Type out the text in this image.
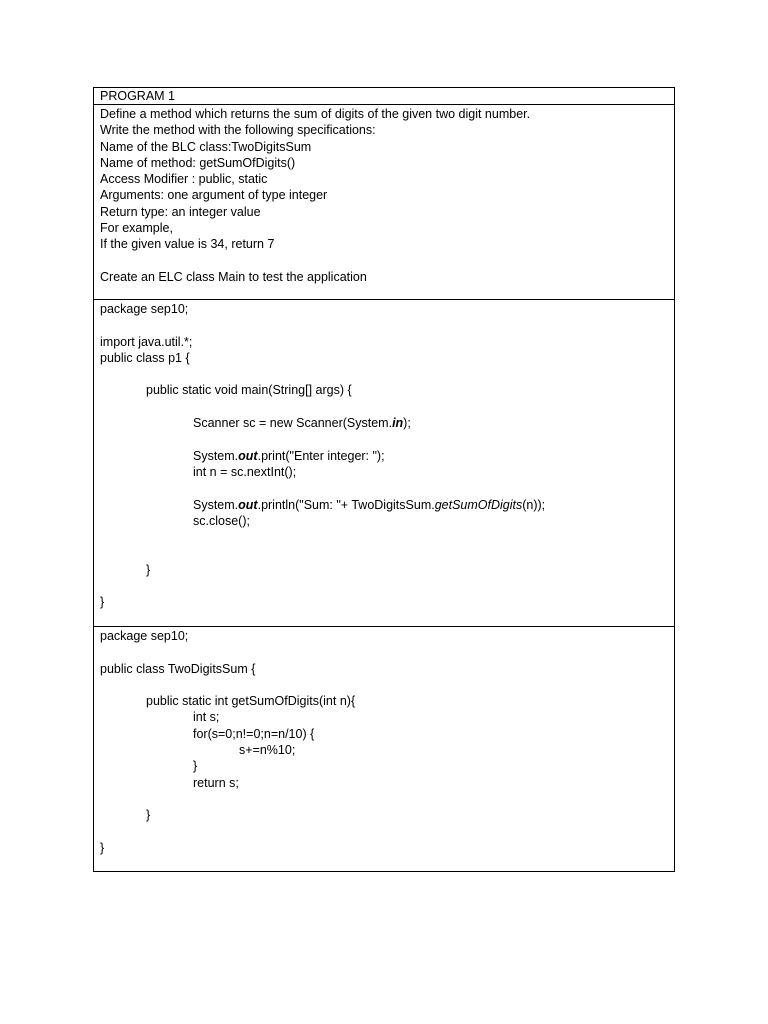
PROGRAM 1

Define a method which returns the sum of digits of the given two digit number.
Write the method with the following specifications:
Name of the BLC class:TwoDigitsSum
Name of method: getSumOfDigits()
Access Modifier : public, static
Arguments: one argument of type integer
Return type: an integer value
For example,
If the given value is 34, return 7
Create an ELC class Main to test the application

package sep10;
import java.util.*;
public class p1 {
public static void main(String[] args) {
Scanner sc = new Scanner(System.in);
System.out.print("Enter integer: ");
int n = sc.nextInt();
System.out.println("Sum: "+ TwoDigitsSum.getSumOfDigits(n));
sc.close();
}
}

package sep10;
public class TwoDigitsSum {
public static int getSumOfDigits(int n){
int s;
for(s=0;n!=0;n=n/10) {
s+=n%10;
}
return s;
}
}
